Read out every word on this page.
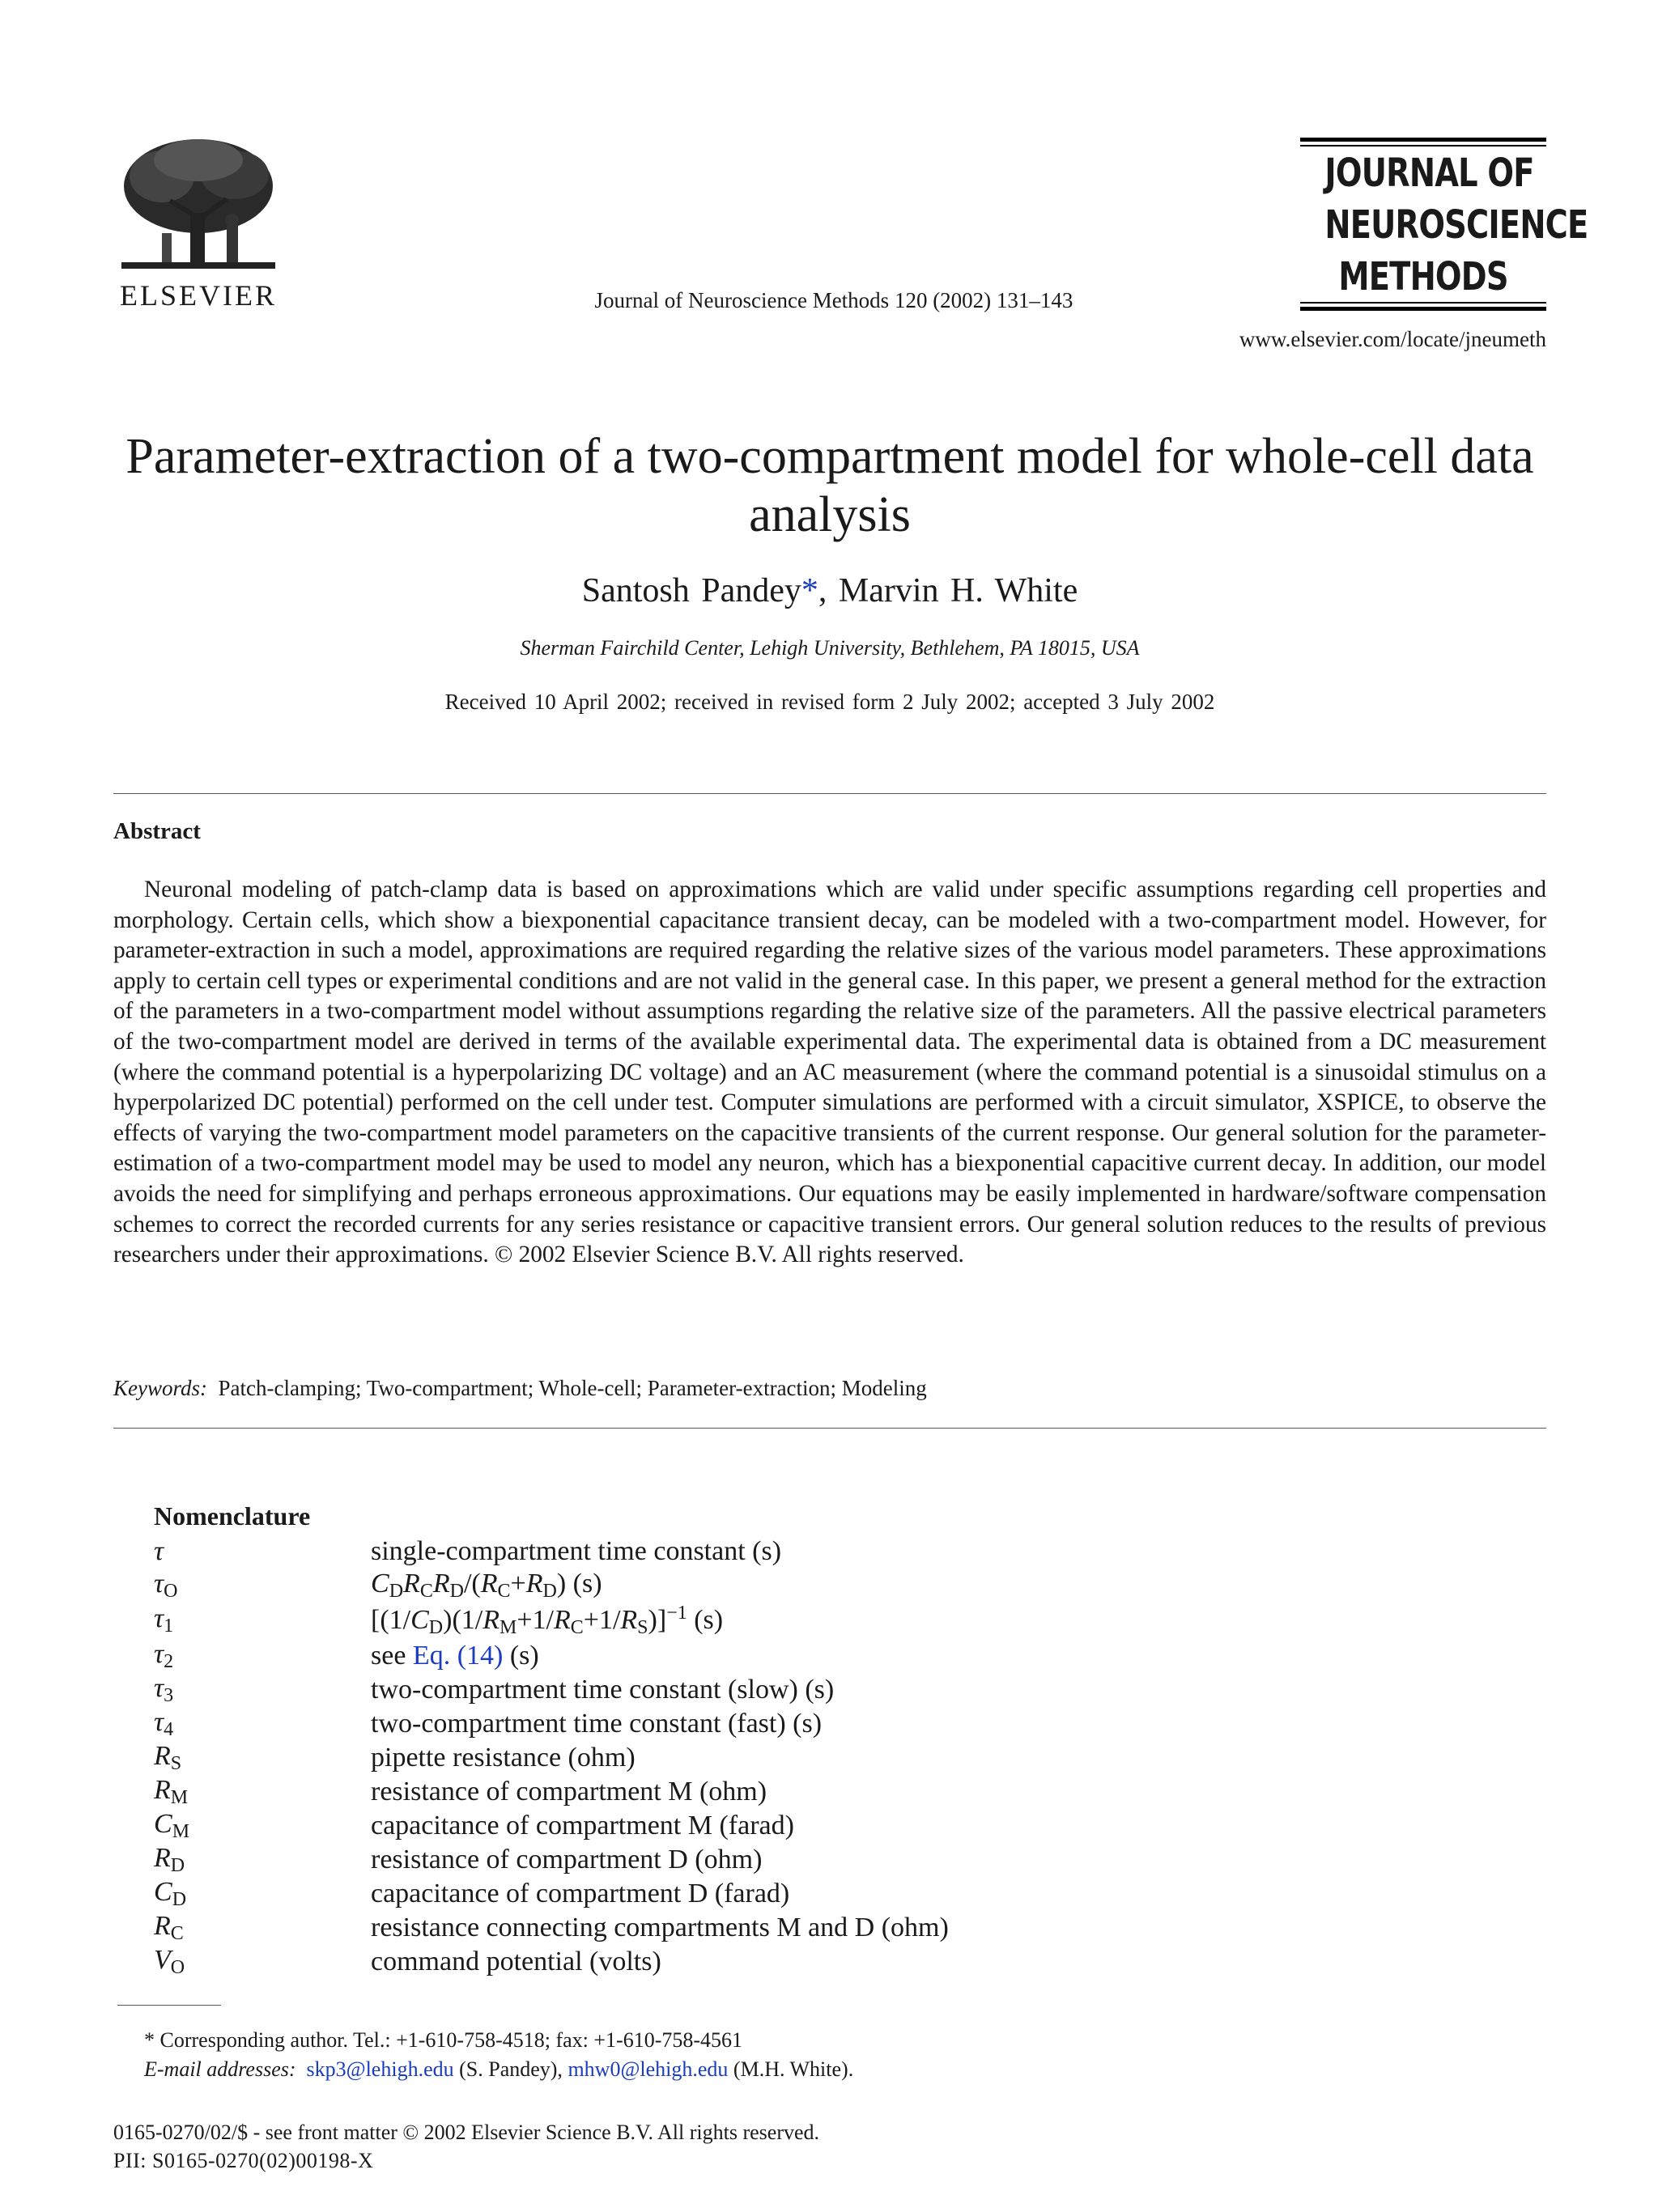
ELSEVIER	Journal of Neuroscience Methods 120 (2002) 131–143
JOURNAL OF
NEUROSCIENCE
METHODS
www.elsevier.com/locate/jneumeth
Parameter-extraction of a two-compartment model for whole-cell data analysis
Santosh Pandey*, Marvin H. White
Sherman Fairchild Center, Lehigh University, Bethlehem, PA 18015, USA
Received 10 April 2002; received in revised form 2 July 2002; accepted 3 July 2002
Abstract
Neuronal modeling of patch-clamp data is based on approximations which are valid under specific assumptions regarding cell properties and morphology. Certain cells, which show a biexponential capacitance transient decay, can be modeled with a two-compartment model. However, for parameter-extraction in such a model, approximations are required regarding the relative sizes of the various model parameters. These approximations apply to certain cell types or experimental conditions and are not valid in the general case. In this paper, we present a general method for the extraction of the parameters in a two-compartment model without assumptions regarding the relative size of the parameters. All the passive electrical parameters of the two-compartment model are derived in terms of the available experimental data. The experimental data is obtained from a DC measurement (where the command potential is a hyperpolarizing DC voltage) and an AC measurement (where the command potential is a sinusoidal stimulus on a hyperpolarized DC potential) performed on the cell under test. Computer simulations are performed with a circuit simulator, XSPICE, to observe the effects of varying the two-compartment model parameters on the capacitive transients of the current response. Our general solution for the parameter-estimation of a two-compartment model may be used to model any neuron, which has a biexponential capacitive current decay. In addition, our model avoids the need for simplifying and perhaps erroneous approximations. Our equations may be easily implemented in hardware/software compensation schemes to correct the recorded currents for any series resistance or capacitive transient errors. Our general solution reduces to the results of previous researchers under their approximations. © 2002 Elsevier Science B.V. All rights reserved.
Keywords: Patch-clamping; Two-compartment; Whole-cell; Parameter-extraction; Modeling
Nomenclature
τ	single-compartment time constant (s)
$\tau_O$	$C_DR_CR_D/(R_C+R_D)$ (s)
$\tau_1$	$[(1/C_D)(1/R_M+1/R_C+1/R_S)]^{-1}$ (s)
$\tau_2$	see Eq. (14) (s)
$\tau_3$	two-compartment time constant (slow) (s)
$\tau_4$	two-compartment time constant (fast) (s)
$R_S$	pipette resistance (ohm)
$R_M$	resistance of compartment M (ohm)
$C_M$	capacitance of compartment M (farad)
$R_D$	resistance of compartment D (ohm)
$C_D$	capacitance of compartment D (farad)
$R_C$	resistance connecting compartments M and D (ohm)
$V_O$	command potential (volts)
* Corresponding author. Tel.: +1-610-758-4518; fax: +1-610-758-4561
E-mail addresses: skp3@lehigh.edu (S. Pandey), mhw0@lehigh.edu (M.H. White).
0165-0270/02/$ - see front matter © 2002 Elsevier Science B.V. All rights reserved.
PII: S0165-0270(02)00198-X
